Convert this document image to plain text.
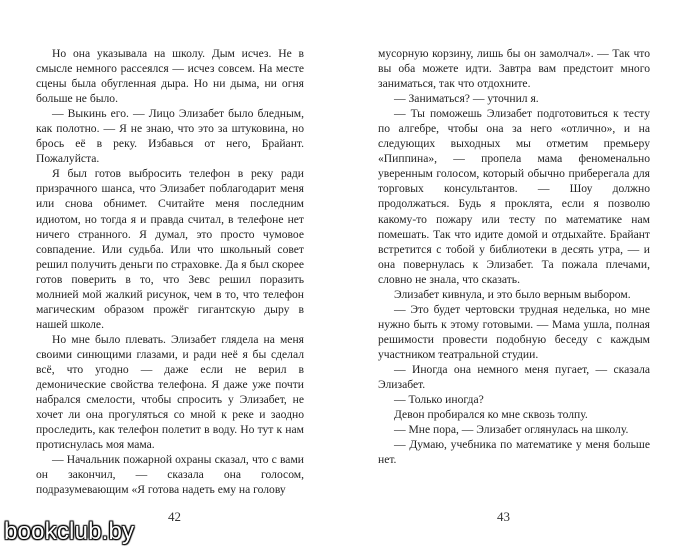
Но она указывала на школу. Дым исчез. Не в смысле немного рассеялся — исчез совсем. На месте сцены была обугленная дыра. Но ни дыма, ни огня больше не было.

— Выкинь его. — Лицо Элизабет было бледным, как полотно. — Я не знаю, что это за штуковина, но брось её в реку. Избавься от него, Брайант. Пожалуйста.

Я был готов выбросить телефон в реку ради призрачного шанса, что Элизабет поблагодарит меня или снова обнимет. Считайте меня последним идиотом, но тогда я и правда считал, в телефоне нет ничего странного. Я думал, это просто чумовое совпадение. Или судьба. Или что школьный совет решил получить деньги по страховке. Да я был скорее готов поверить в то, что Зевс решил поразить молнией мой жалкий рисунок, чем в то, что телефон магическим образом прожёг гигантскую дыру в нашей школе.

Но мне было плевать. Элизабет глядела на меня своими синющими глазами, и ради неё я бы сделал всё, что угодно — даже если не верил в демонические свойства телефона. Я даже уже почти набрался смелости, чтобы спросить у Элизабет, не хочет ли она прогуляться со мной к реке и заодно проследить, как телефон полетит в воду. Но тут к нам протиснулась моя мама.

— Начальник пожарной охраны сказал, что с вами он закончил, — сказала она голосом, подразумевающим «Я готова надеть ему на голову

42

мусорную корзину, лишь бы он замолчал». — Так что вы оба можете идти. Завтра вам предстоит много заниматься, так что отдохните.

— Заниматься? — уточнил я.

— Ты поможешь Элизабет подготовиться к тесту по алгебре, чтобы она за него «отлично», и на следующих выходных мы отметим премьеру «Пиппина», — пропела мама феноменально уверенным голосом, который обычно приберегала для торговых консультантов. — Шоу должно продолжаться. Будь я проклята, если я позволю какому-то пожару или тесту по математике нам помешать. Так что идите домой и отдыхайте. Брайант встретится с тобой у библиотеки в десять утра, — и она повернулась к Элизабет. Та пожала плечами, словно не знала, что сказать.

Элизабет кивнула, и это было верным выбором.

— Это будет чертовски трудная неделька, но мне нужно быть к этому готовыми. — Мама ушла, полная решимости провести подобную беседу с каждым участником театральной студии.

— Иногда она немного меня пугает, — сказала Элизабет.

— Только иногда?

Девон пробирался ко мне сквозь толпу.

— Мне пора, — Элизабет оглянулась на школу.

— Думаю, учебника по математике у меня больше нет.

43
bookclub.by
